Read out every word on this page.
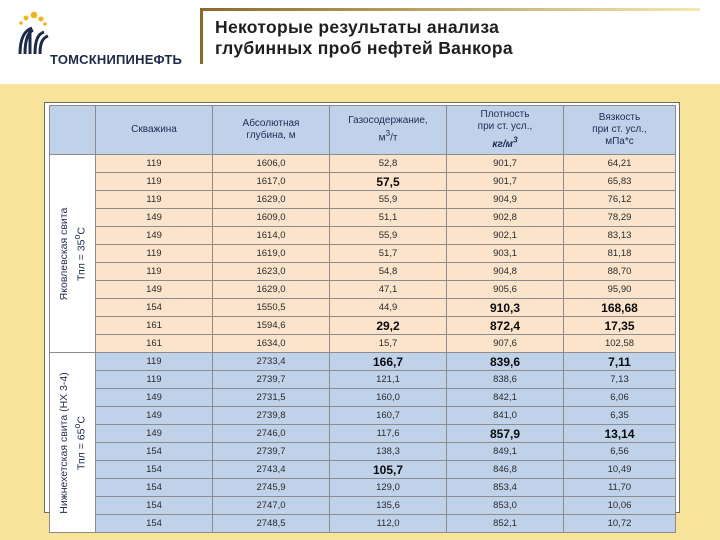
ТОМСКНИПИНЕФТЬ
Некоторые результаты анализа
глубинных проб нефтей Ванкора
	Скважина	Абсолютная
глубина, м	Газосодержание,
$м^3/т$	Плотность
при ст. усл.,
$кг/м^3$	Вязкость
при ст. усл.,
мПа*с

Яковлевская свита Тпл = $35^оС$	119	1606,0	52,8	901,7	64,21
	119	1617,0	57,5	901,7	65,83
	119	1629,0	55,9	904,9	76,12
	149	1609,0	51,1	902,8	78,29
	149	1614,0	55,9	902,1	83,13
	119	1619,0	51,7	903,1	81,18
	119	1623,0	54,8	904,8	88,70
	149	1629,0	47,1	905,6	95,90
	154	1550,5	44,9	910,3	168,68
	161	1594,6	29,2	872,4	17,35
	161	1634,0	15,7	907,6	102,58

Нижнехетская свита (НХ 3-4) Тпл = $65^оС$	119	2733,4	166,7	839,6	7,11
	119	2739,7	121,1	838,6	7,13
	149	2731,5	160,0	842,1	6,06
	149	2739,8	160,7	841,0	6,35
	149	2746,0	117,6	857,9	13,14
	154	2739,7	138,3	849,1	6,56
	154	2743,4	105,7	846,8	10,49
	154	2745,9	129,0	853,4	11,70
	154	2747,0	135,6	853,0	10,06
	154	2748,5	112,0	852,1	10,72
